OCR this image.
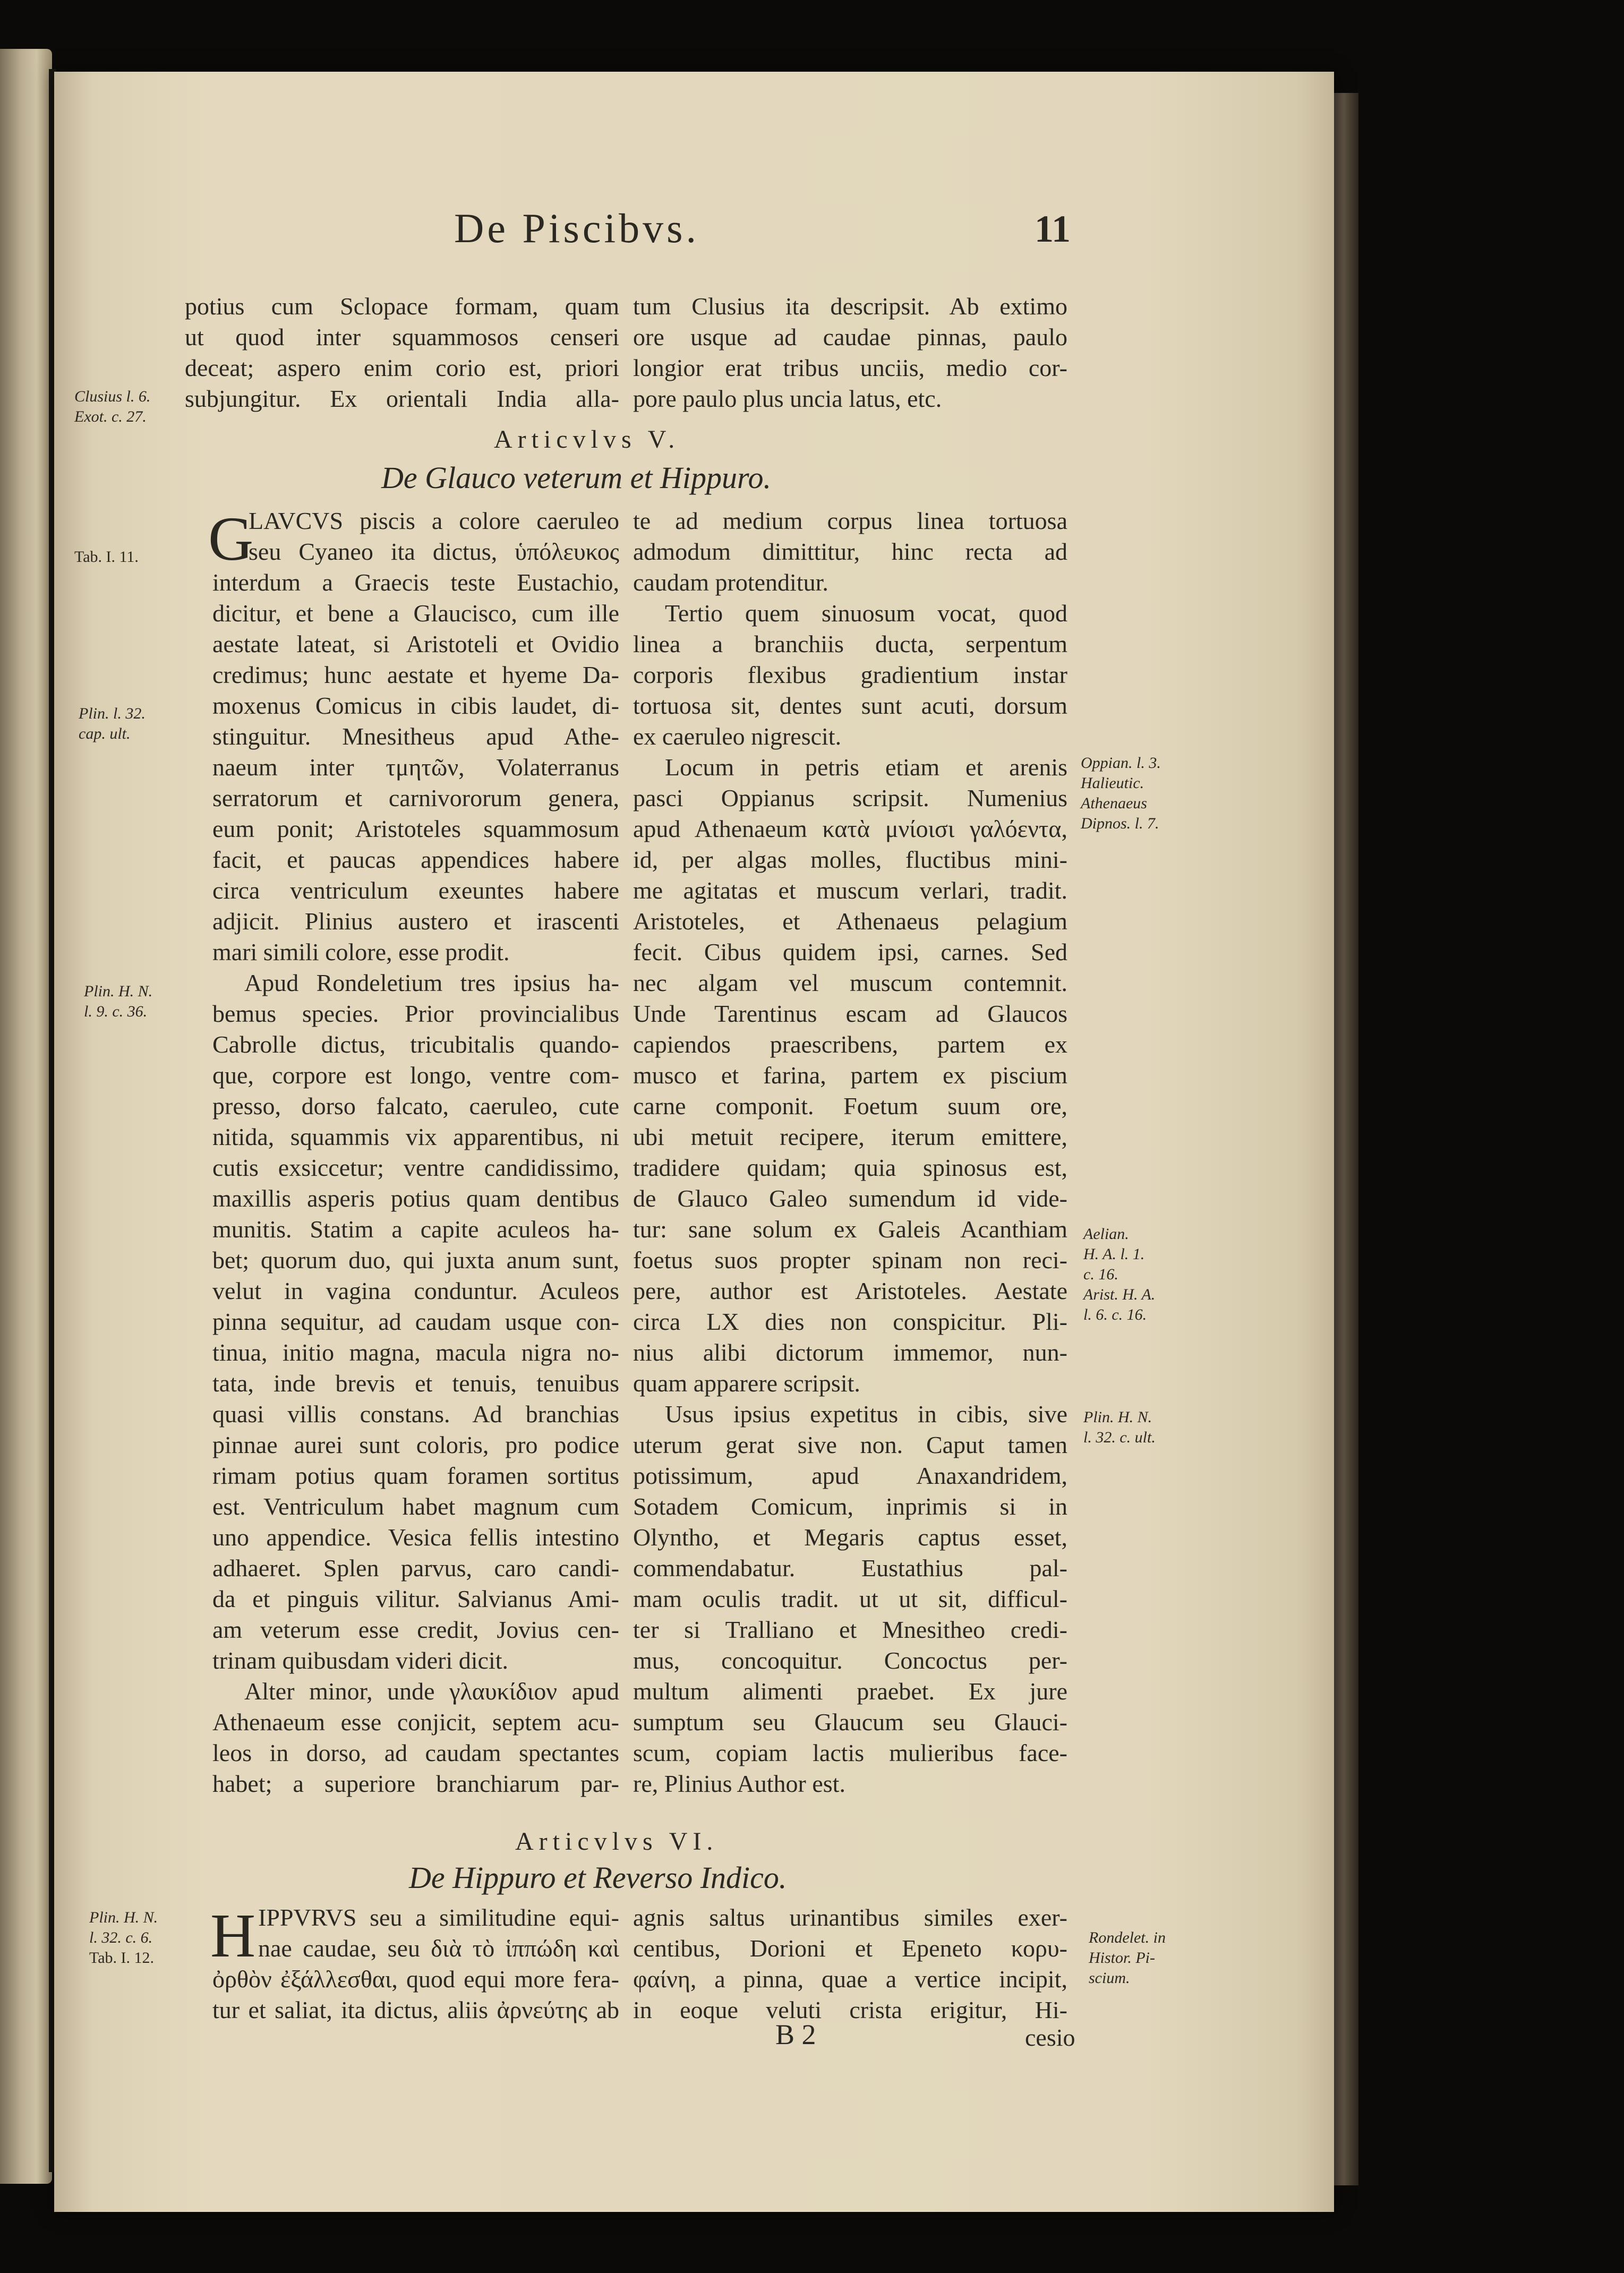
De Piscibvs.	11
potius cum Sclopace formam, quam
ut quod inter squammosos censeri
deceat; aspero enim corio est, priori
subjungitur. Ex orientali India alla-
tum Clusius ita descripsit. Ab extimo
ore usque ad caudae pinnas, paulo
longior erat tribus unciis, medio cor-
pore paulo plus uncia latus, etc.
Articvlvs V.
De Glauco veterum et Hippuro.
G
LAVCVS piscis a colore caeruleo
seu Cyaneo ita dictus, ὑπόλευκος
interdum a Graecis teste Eustachio,
dicitur, et bene a Glaucisco, cum ille
aestate lateat, si Aristoteli et Ovidio
credimus; hunc aestate et hyeme Da-
moxenus Comicus in cibis laudet, di-
stinguitur. Mnesitheus apud Athe-
naeum inter τμητῶν, Volaterranus
serratorum et carnivororum genera,
eum ponit; Aristoteles squammosum
facit, et paucas appendices habere
circa ventriculum exeuntes habere
adjicit. Plinius austero et irascenti
mari simili colore, esse prodit.
Apud Rondeletium tres ipsius ha-
bemus species. Prior provincialibus
Cabrolle dictus, tricubitalis quando-
que, corpore est longo, ventre com-
presso, dorso falcato, caeruleo, cute
nitida, squammis vix apparentibus, ni
cutis exsiccetur; ventre candidissimo,
maxillis asperis potius quam dentibus
munitis. Statim a capite aculeos ha-
bet; quorum duo, qui juxta anum sunt,
velut in vagina conduntur. Aculeos
pinna sequitur, ad caudam usque con-
tinua, initio magna, macula nigra no-
tata, inde brevis et tenuis, tenuibus
quasi villis constans. Ad branchias
pinnae aurei sunt coloris, pro podice
rimam potius quam foramen sortitus
est. Ventriculum habet magnum cum
uno appendice. Vesica fellis intestino
adhaeret. Splen parvus, caro candi-
da et pinguis vilitur. Salvianus Ami-
am veterum esse credit, Jovius cen-
trinam quibusdam videri dicit.
Alter minor, unde γλαυκίδιον apud
Athenaeum esse conjicit, septem acu-
leos in dorso, ad caudam spectantes
habet; a superiore branchiarum par-
te ad medium corpus linea tortuosa
admodum dimittitur, hinc recta ad
caudam protenditur.
Tertio quem sinuosum vocat, quod
linea a branchiis ducta, serpentum
corporis flexibus gradientium instar
tortuosa sit, dentes sunt acuti, dorsum
ex caeruleo nigrescit.
Locum in petris etiam et arenis
pasci Oppianus scripsit. Numenius
apud Athenaeum κατὰ μνίοισι γαλόεντα,
id, per algas molles, fluctibus mini-
me agitatas et muscum verlari, tradit.
Aristoteles, et Athenaeus pelagium
fecit. Cibus quidem ipsi, carnes. Sed
nec algam vel muscum contemnit.
Unde Tarentinus escam ad Glaucos
capiendos praescribens, partem ex
musco et farina, partem ex piscium
carne componit. Foetum suum ore,
ubi metuit recipere, iterum emittere,
tradidere quidam; quia spinosus est,
de Glauco Galeo sumendum id vide-
tur: sane solum ex Galeis Acanthiam
foetus suos propter spinam non reci-
pere, author est Aristoteles. Aestate
circa LX dies non conspicitur. Pli-
nius alibi dictorum immemor, nun-
quam apparere scripsit.
Usus ipsius expetitus in cibis, sive
uterum gerat sive non. Caput tamen
potissimum, apud Anaxandridem,
Sotadem Comicum, inprimis si in
Olyntho, et Megaris captus esset,
commendabatur. Eustathius pal-
mam oculis tradit. ut ut sit, difficul-
ter si Tralliano et Mnesitheo credi-
mus, concoquitur. Concoctus per-
multum alimenti praebet. Ex jure
sumptum seu Glaucum seu Glauci-
scum, copiam lactis mulieribus face-
re, Plinius Author est.
Articvlvs VI.
De Hippuro et Reverso Indico.
H IPPVRVS seu a similitudine equi-
nae caudae, seu διὰ τὸ ἱππώδη καὶ
ὀρθὸν ἐξάλλεσθαι, quod equi more fera-
tur et saliat, ita dictus, aliis ἀρνεύτης ab
agnis saltus urinantibus similes exer-
centibus, Dorioni et Epeneto κορυ-
φαίνη, a pinna, quae a vertice incipit,
in eoque veluti crista erigitur, Hi-
B 2	cesio
Clusius l. 6.
Exot. c. 27.
Tab. I. 11.
Plin. l. 32.
cap. ult.
Plin. H. N.
l. 9. c. 36.
Plin. H. N.
l. 32. c. 6.
Tab. I. 12.
Oppian. l. 3.
Halieutic.
Athenaeus
Dipnos. l. 7.
Aelian.
H. A. l. 1.
c. 16.
Arist. H. A.
l. 6. c. 16.
Plin. H. N.
l. 32. c. ult.
Rondelet. in
Histor. Pi-
scium.
